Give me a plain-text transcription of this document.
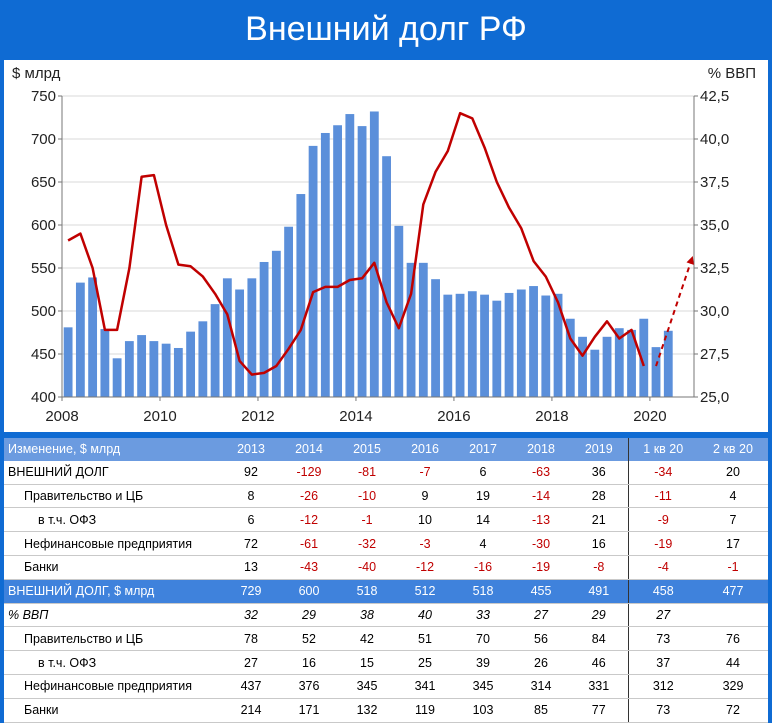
Внешний долг РФ
750
700
650
600
550
500
450
400
42,5
40,0
37,5
35,0
32,5
30,0
27,5
25,0
$ млрд	% ВВП
2008	2010	2012	2014	2016	2018	2020
Изменение, $ млрд	2013	2014	2015	2016	2017	2018	2019	1 кв 20	2 кв 20
ВНЕШНИЙ ДОЛГ	92	-129	-81	-7	6	-63	36	-34	20
Правительство и ЦБ	8	-26	-10	9	19	-14	28	-11	4
в т.ч. ОФЗ	6	-12	-1	10	14	-13	21	-9	7
Нефинансовые предприятия	72	-61	-32	-3	4	-30	16	-19	17
Банки	13	-43	-40	-12	-16	-19	-8	-4	-1
ВНЕШНИЙ ДОЛГ, $ млрд	729	600	518	512	518	455	491	458	477
% ВВП	32	29	38	40	33	27	29	27	
Правительство и ЦБ	78	52	42	51	70	56	84	73	76
в т.ч. ОФЗ	27	16	15	25	39	26	46	37	44
Нефинансовые предприятия	437	376	345	341	345	314	331	312	329
Банки	214	171	132	119	103	85	77	73	72
